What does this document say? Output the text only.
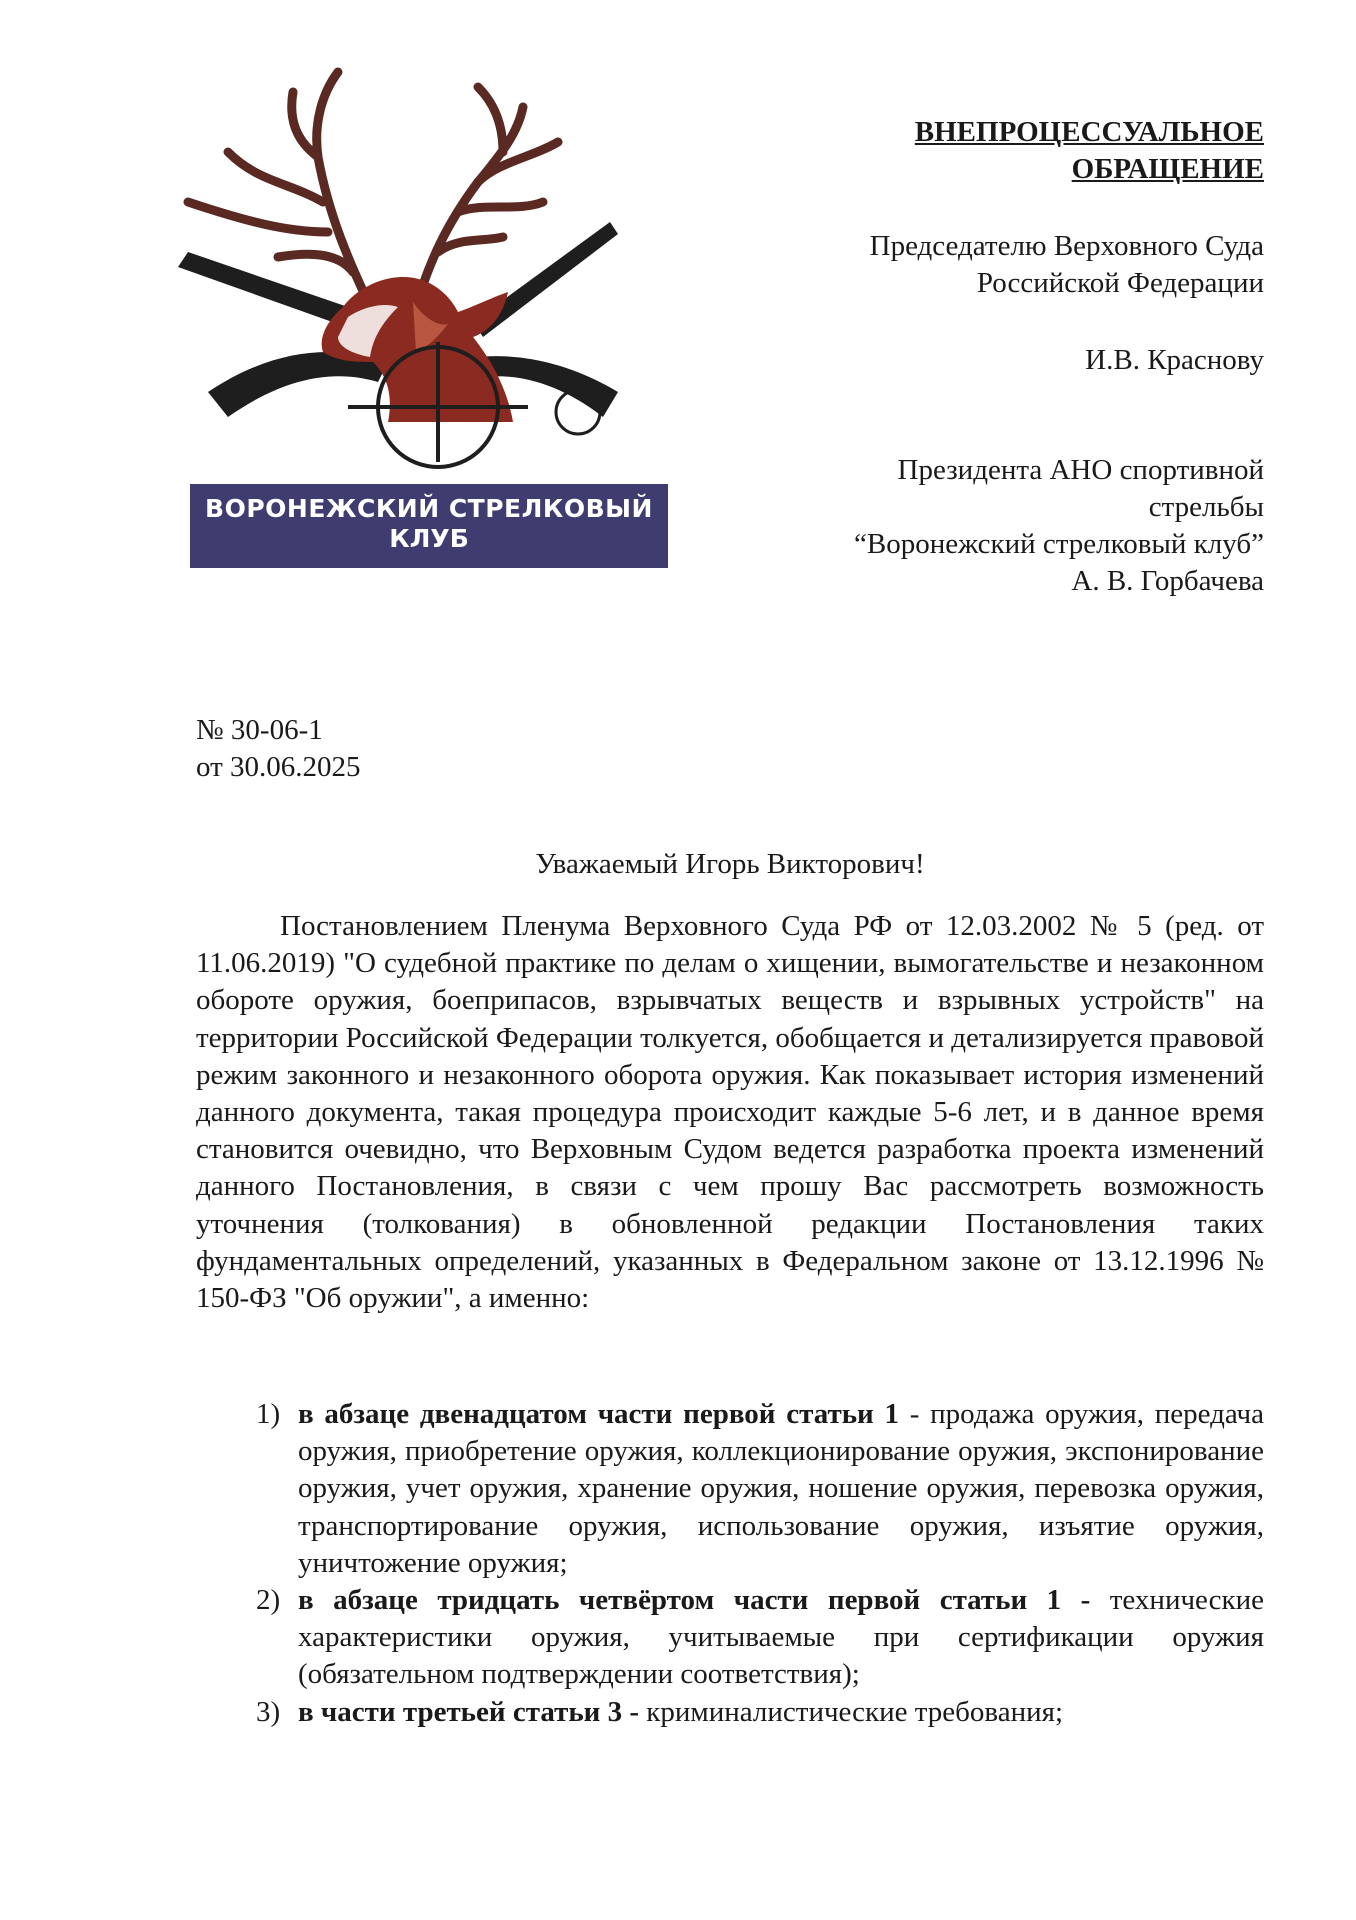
ВОРОНЕЖСКИЙ СТРЕЛКОВЫЙ
КЛУБ
ВНЕПРОЦЕССУАЛЬНОЕ
ОБРАЩЕНИЕ
Председателю Верховного Суда
Российской Федерации
И.В. Краснову
Президента АНО спортивной
стрельбы
“Воронежский стрелковый клуб”
А. В. Горбачева
№ 30-06-1
от 30.06.2025
Уважаемый Игорь Викторович!
Постановлением Пленума Верховного Суда РФ от 12.03.2002 № 5 (ред. от 11.06.2019) "О судебной практике по делам о хищении, вымогательстве и незаконном обороте оружия, боеприпасов, взрывчатых веществ и взрывных устройств" на территории Российской Федерации толкуется, обобщается и детализируется правовой режим законного и незаконного оборота оружия. Как показывает история изменений данного документа, такая процедура происходит каждые 5-6 лет, и в данное время становится очевидно, что Верховным Судом ведется разработка проекта изменений данного Постановления, в связи с чем прошу Вас рассмотреть возможность уточнения (толкования) в обновленной редакции Постановления таких фундаментальных определений, указанных в Федеральном законе от 13.12.1996 № 150-ФЗ "Об оружии", а именно:
1) в абзаце двенадцатом части первой статьи 1 - продажа оружия, передача оружия, приобретение оружия, коллекционирование оружия, экспонирование оружия, учет оружия, хранение оружия, ношение оружия, перевозка оружия, транспортирование оружия, использование оружия, изъятие оружия, уничтожение оружия;
2) в абзаце тридцать четвёртом части первой статьи 1 - технические характеристики оружия, учитываемые при сертификации оружия (обязательном подтверждении соответствия);
3) в части третьей статьи 3 - криминалистические требования;
